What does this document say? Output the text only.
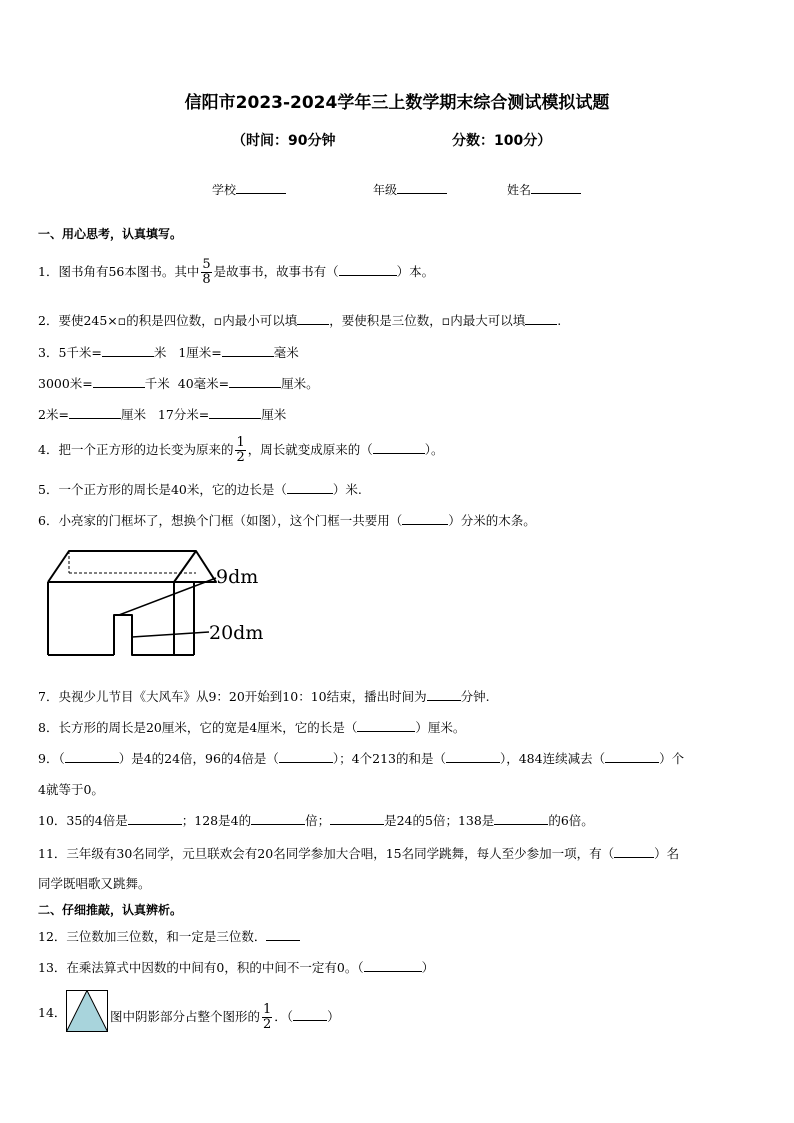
信阳市2023-2024学年三上数学期末综合测试模拟试题
（时间：90分钟	分数：100分）
学校	年级	姓名
一、用心思考，认真填写。
1．图书角有56本图书。其中 $\frac{5}{8}$ 是故事书，故事书有（	）本。
2．要使245×▫的积是四位数，▫内最小可以填	，要使积是三位数，▫内最大可以填	.
3．5千米=	米 1厘米=	毫米
3000米=	千米 40毫米=	厘米。
2米=	厘米 17分米=	厘米
4．把一个正方形的边长变为原来的 $\frac{1}{2}$ ，周长就变成原来的（	）。
5．一个正方形的周长是40米，它的边长是（	）米.
6．小亮家的门框坏了，想换个门框（如图），这个门框一共要用（	）分米的木条。
9dm
20dm
7．央视少儿节目《大风车》从9：20开始到10：10结束，播出时间为	分钟.
8．长方形的周长是20厘米，它的宽是4厘米，它的长是（	）厘米。
9．（	）是4的24倍，96的4倍是（	）；4个213的和是（	），484连续减去（	）个
4就等于0。
10．35的4倍是	；128是4的	倍；	是24的5倍；138是	的6倍。
11．三年级有30名同学，元旦联欢会有20名同学参加大合唱，15名同学跳舞，每人至少参加一项，有（	）名
同学既唱歌又跳舞。
二、仔细推敲，认真辨析。
12．三位数加三位数，和一定是三位数．
13．在乘法算式中因数的中间有0，积的中间不一定有0。（	）
14．	图中阴影部分占整个图形的 $\frac{1}{2}$ ．（	）
